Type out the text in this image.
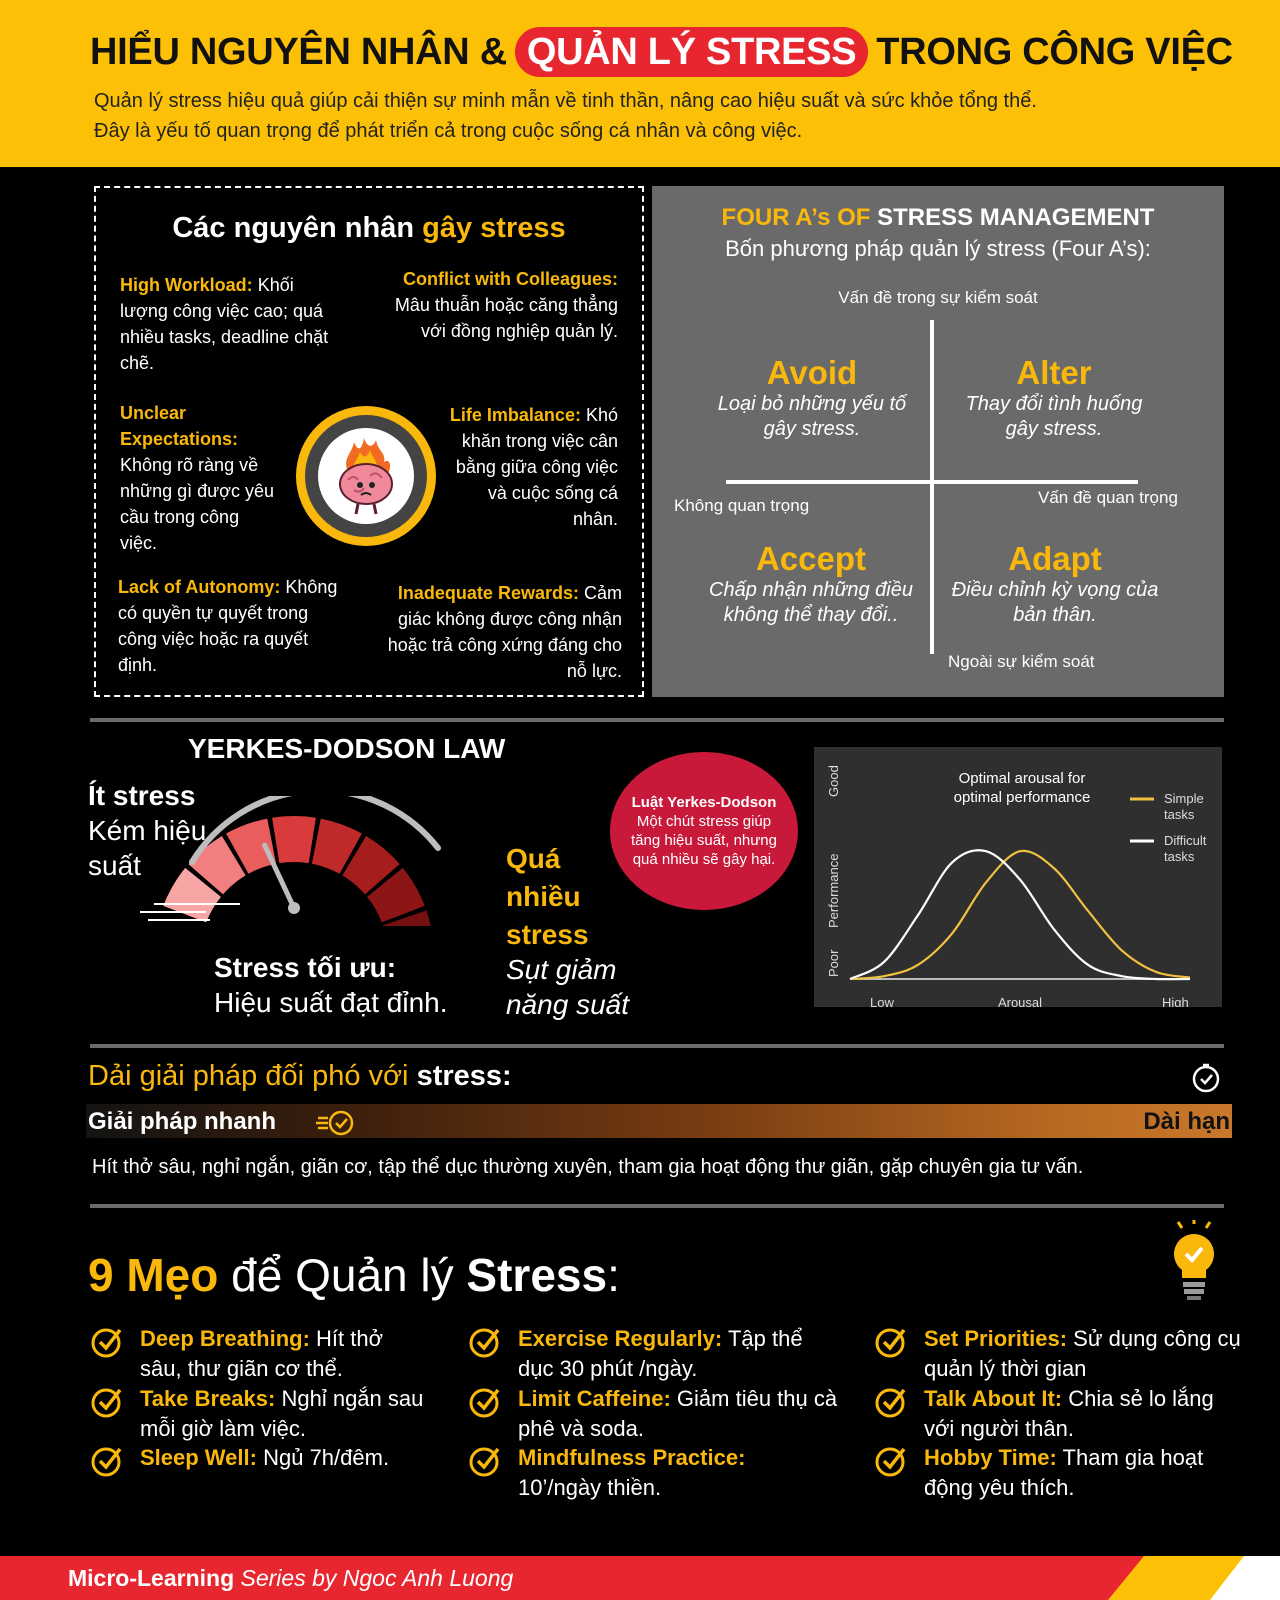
HIỂU NGUYÊN NHÂN & QUẢN LÝ STRESS TRONG CÔNG VIỆC
Quản lý stress hiệu quả giúp cải thiện sự minh mẫn về tinh thần, nâng cao hiệu suất và sức khỏe tổng thể.
Đây là yếu tố quan trọng để phát triển cả trong cuộc sống cá nhân và công việc.
Các nguyên nhân gây stress
High Workload: Khối lượng công việc cao; quá nhiều tasks, deadline chặt chẽ.
Conflict with Colleagues: Mâu thuẫn hoặc căng thẳng với đồng nghiệp quản lý.
Unclear Expectations: Không rõ ràng về những gì được yêu cầu trong công việc.
Life Imbalance: Khó khăn trong việc cân bằng giữa công việc và cuộc sống cá nhân.
Lack of Autonomy: Không có quyền tự quyết trong công việc hoặc ra quyết định.
Inadequate Rewards: Cảm giác không được công nhận hoặc trả công xứng đáng cho nỗ lực.
FOUR A’s OF STRESS MANAGEMENT
Bốn phương pháp quản lý stress (Four A’s):
Vấn đề trong sự kiểm soát
Không quan trọng	Vấn đề quan trọng
Ngoài sự kiểm soát
Avoid
Loại bỏ những yếu tố gây stress.
Alter
Thay đổi tình huống gây stress.
Accept
Chấp nhận những điều không thể thay đổi..
Adapt
Điều chỉnh kỳ vọng của bản thân.
YERKES-DODSON LAW
Ít stress
Kém hiệu suất
Stress tối ưu:
Hiệu suất đạt đỉnh.
Quá nhiều stress
Sụt giảm năng suất
Luật Yerkes-Dodson
Một chút stress giúp tăng hiệu suất, nhưng quá nhiều sẽ gây hại.
Optimal arousal for
optimal performance
Low	High
Arousal
Poor
Good
Performance
Simple
tasks
Difficult
tasks
Dải giải pháp đối phó với stress:
Giải pháp nhanh	Dài hạn
Hít thở sâu, nghỉ ngắn, giãn cơ, tập thể dục thường xuyên, tham gia hoạt động thư giãn, gặp chuyên gia tư vấn.
9 Mẹo để Quản lý Stress:
Deep Breathing: Hít thở sâu, thư giãn cơ thể.
Take Breaks: Nghỉ ngắn sau mỗi giờ làm việc.
Sleep Well: Ngủ 7h/đêm.
Exercise Regularly: Tập thể dục 30 phút /ngày.
Limit Caffeine: Giảm tiêu thụ cà phê và soda.
Mindfulness Practice: 10’/ngày thiền.
Set Priorities: Sử dụng công cụ quản lý thời gian
Talk About It: Chia sẻ lo lắng với người thân.
Hobby Time: Tham gia hoạt động yêu thích.
Micro-Learning Series by Ngoc Anh Luong
